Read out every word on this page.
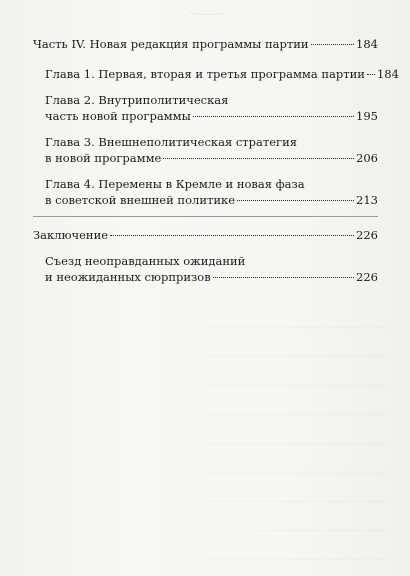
Часть IV. Новая редакция программы партии	184
Глава 1. Первая, вторая и третья программа партии 184
Глава 2. Внутриполитическая
часть новой программы	195
Глава 3. Внешнеполитическая стратегия
в новой программе	206
Глава 4. Перемены в Кремле и новая фаза
в советской внешней политике	213
Заключение	226
Съезд неоправданных ожиданий
и неожиданных сюрпризов	226
